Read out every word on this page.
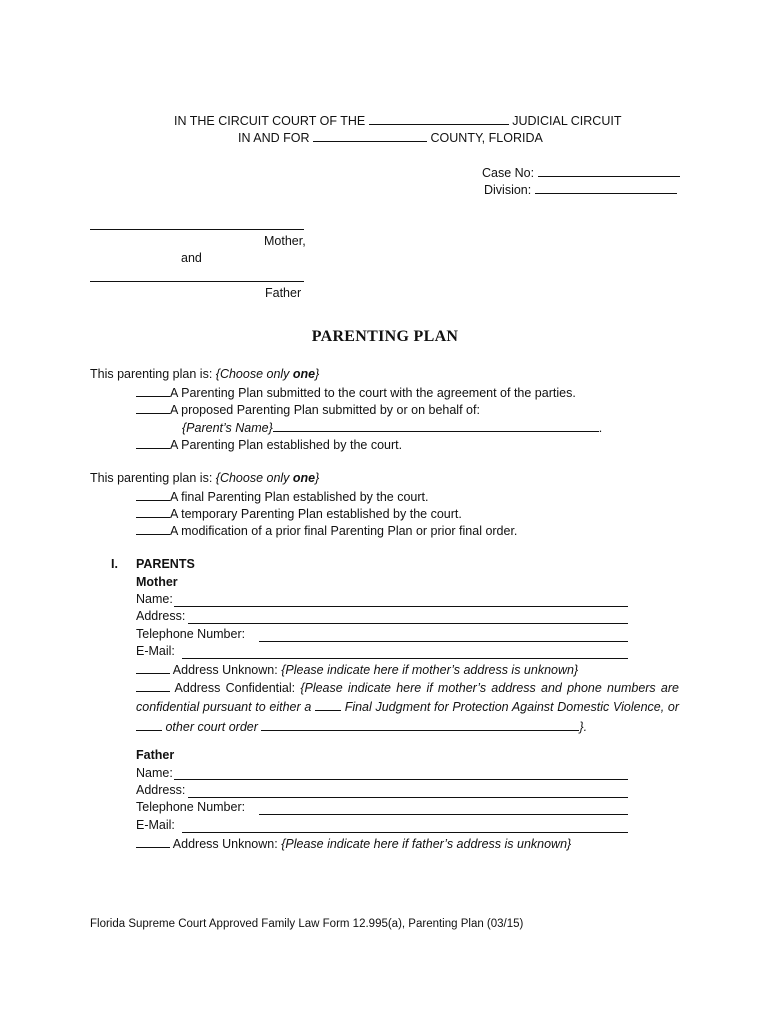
IN THE CIRCUIT COURT OF THE	JUDICIAL CIRCUIT
IN AND FOR	COUNTY, FLORIDA
Case No:
Division:
Mother,
and
Father
PARENTING PLAN
This parenting plan is: {Choose only one}
A Parenting Plan submitted to the court with the agreement of the parties.
A proposed Parenting Plan submitted by or on behalf of:
{Parent’s Name}	.
A Parenting Plan established by the court.
This parenting plan is: {Choose only one}
A final Parenting Plan established by the court.
A temporary Parenting Plan established by the court.
A modification of a prior final Parenting Plan or prior final order.
I. PARENTS
Mother
Name:
Address:
Telephone Number:
E-Mail:
Address Unknown: {Please indicate here if mother’s address is unknown}
Address Confidential: {Please indicate here if mother’s address and phone numbers are confidential pursuant to either a	Final Judgment for Protection Against Domestic Violence, or  other court order	}.
Father
Name:
Address:
Telephone Number:
E-Mail:
Address Unknown: {Please indicate here if father’s address is unknown}
Florida Supreme Court Approved Family Law Form 12.995(a), Parenting Plan (03/15)
